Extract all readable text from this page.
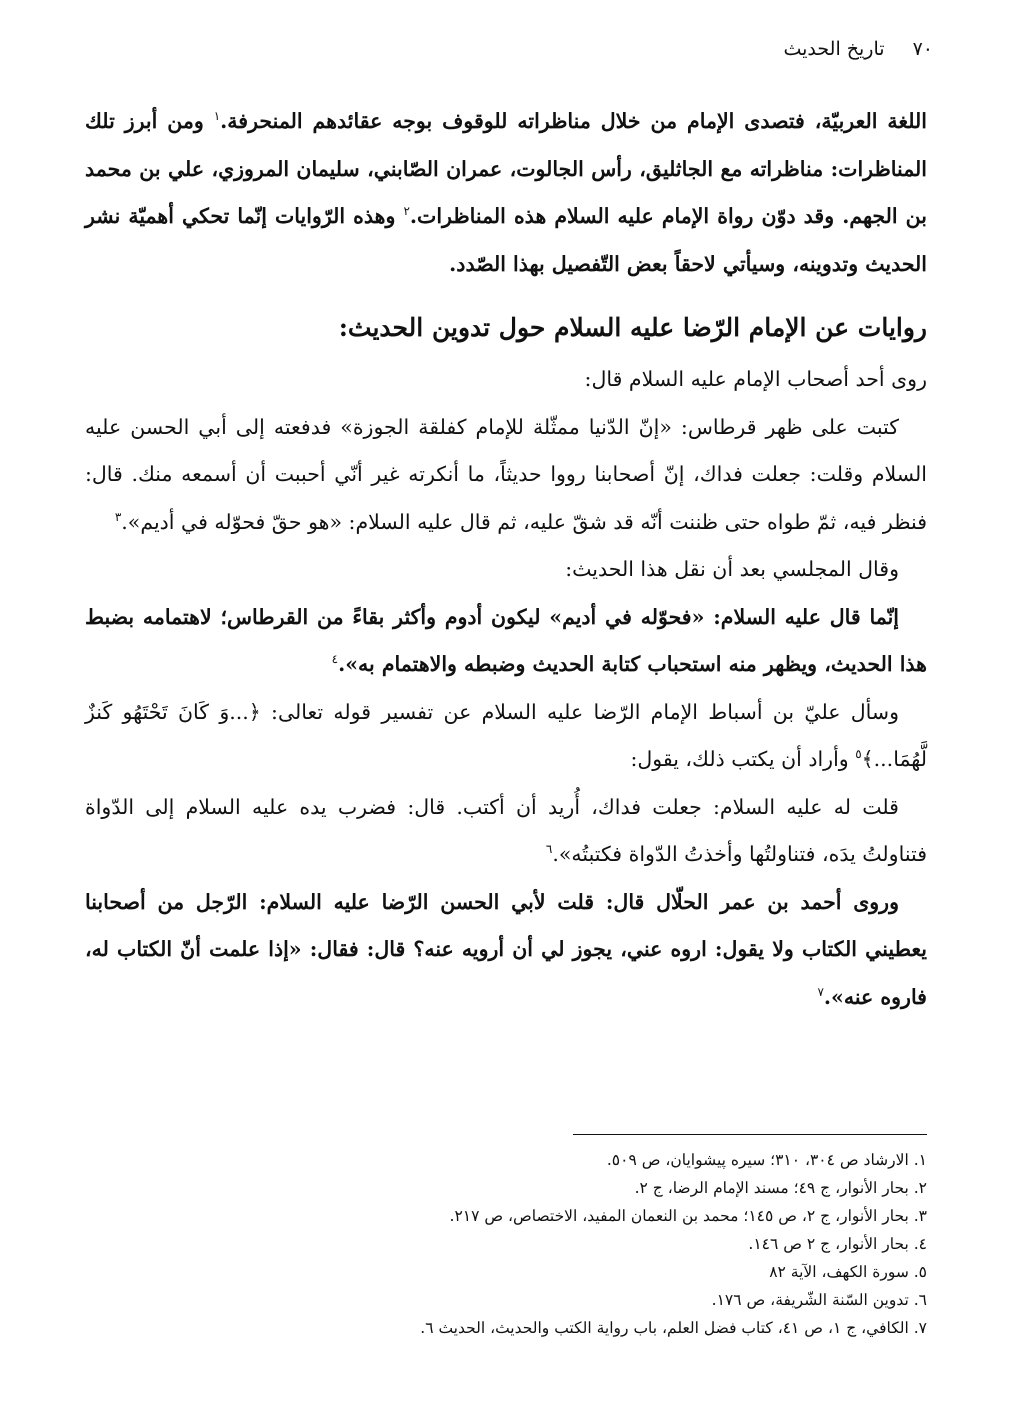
٧٠
تاريخ الحديث

اللغة العربيّة، فتصدى الإمام من خلال مناظراته للوقوف بوجه عقائدهم المنحرفة.$^١$ ومن أبرز تلك المناظرات: مناظراته مع الجاثليق، رأس الجالوت، عمران الصّابني، سليمان المروزي، علي بن محمد بن الجهم. وقد دوّن رواة الإمام عليه السلام هذه المناظرات.$^٢$ وهذه الرّوايات إنّما تحكي أهميّة نشر الحديث وتدوينه، وسيأتي لاحقاً بعض التّفصيل بهذا الصّدد.

روايات عن الإمام الرّضا عليه السلام حول تدوين الحديث:

روى أحد أصحاب الإمام عليه السلام قال:

كتبت على ظهر قرطاس: «إنّ الدّنيا ممثّلة للإمام كفلقة الجوزة» فدفعته إلى أبي الحسن عليه السلام وقلت: جعلت فداك، إنّ أصحابنا رووا حديثاً، ما أنكرته غير أنّي أحببت أن أسمعه منك. قال: فنظر فيه، ثمّ طواه حتى ظننت أنّه قد شقّ عليه، ثم قال عليه السلام: «هو حقّ فحوّله في أديم».$^٣$

وقال المجلسي بعد أن نقل هذا الحديث:

إنّما قال عليه السلام: «فحوّله في أديم» ليكون أدوم وأكثر بقاءً من القرطاس؛ لاهتمامه بضبط هذا الحديث، ويظهر منه استحباب كتابة الحديث وضبطه والاهتمام به».$^٤$

وسأل عليّ بن أسباط الإمام الرّضا عليه السلام عن تفسير قوله تعالى: ﴿...وَ كَانَ تَحْتَهُو كَنزٌ لَّهُمَا...﴾$^٥$ وأراد أن يكتب ذلك، يقول:

قلت له عليه السلام: جعلت فداك، أُريد أن أكتب. قال: فضرب يده عليه السلام إلى الدّواة فتناولتُ يدَه، فتناولتُها وأخذتُ الدّواة فكتبتُه».$^٦$

وروى أحمد بن عمر الحلّال قال: قلت لأبي الحسن الرّضا عليه السلام: الرّجل من أصحابنا يعطيني الكتاب ولا يقول: اروه عني، يجوز لي أن أرويه عنه؟ قال: فقال: «إذا علمت أنّ الكتاب له، فاروه عنه».$^٧$

١. الارشاد ص ٣٠٤، ٣١٠؛ سيره پيشوايان، ص ٥٠٩.

٢. بحار الأنوار، ج ٤٩؛ مسند الإمام الرضا، ج ٢.

٣. بحار الأنوار، ج ٢، ص ١٤٥؛ محمد بن النعمان المفيد، الاختصاص، ص ٢١٧.

٤. بحار الأنوار، ج ٢ ص ١٤٦.

٥. سورة الكهف، الآية ٨٢

٦. تدوين السّنة الشّريفة، ص ١٧٦.

٧. الكافي، ج ١، ص ٤١، كتاب فضل العلم، باب رواية الكتب والحديث، الحديث ٦.
